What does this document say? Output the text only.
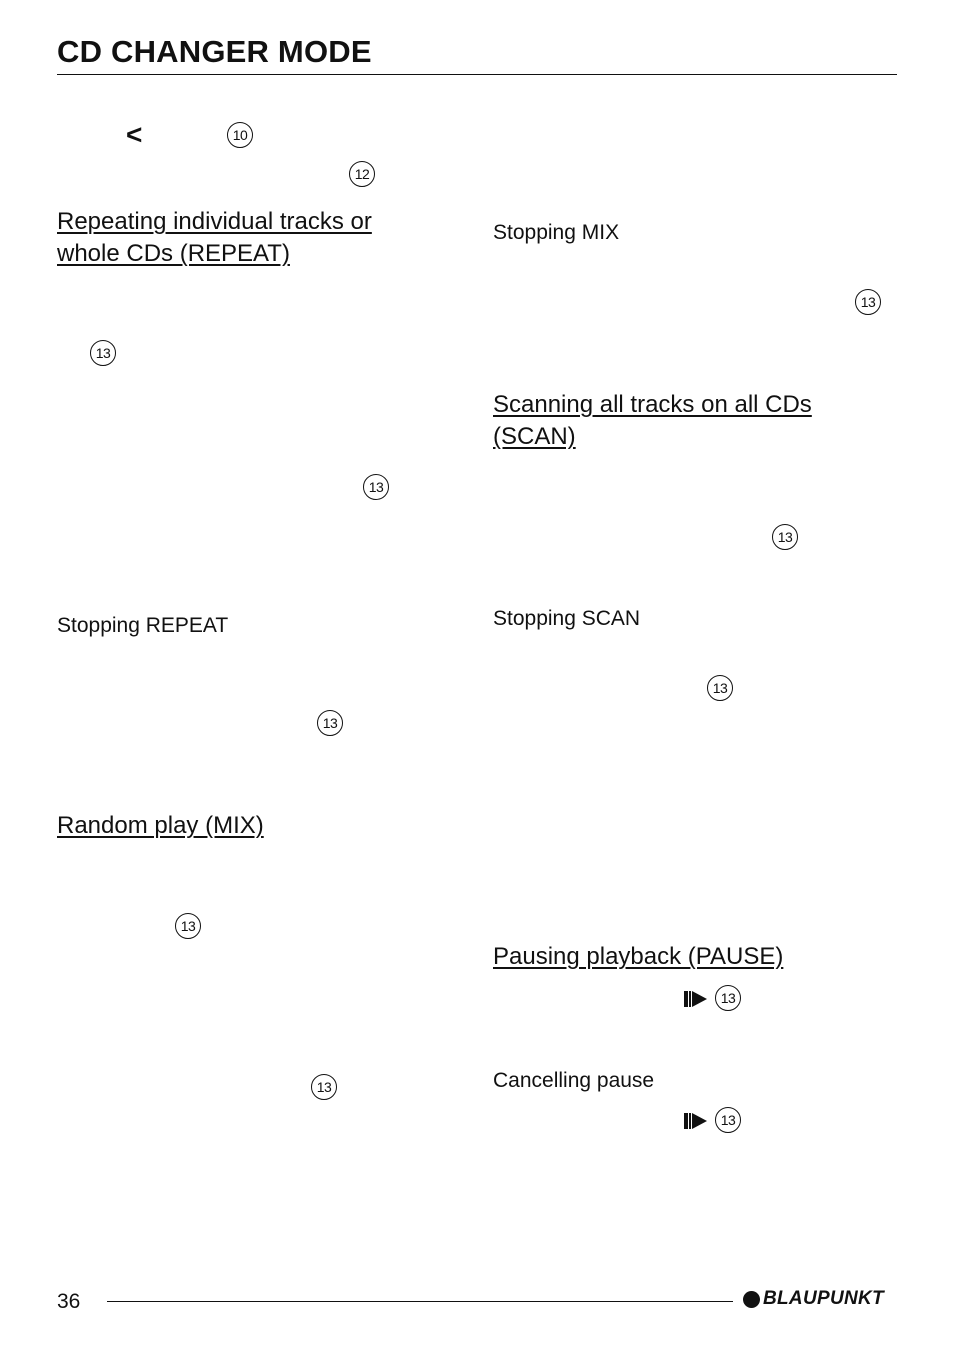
CD CHANGER MODE
<	10
12
Repeating individual tracks or
whole CDs (REPEAT)
13
13
Stopping REPEAT
13
Random play (MIX)
13
13
Stopping MIX
13
Scanning all tracks on all CDs
(SCAN)
13
Stopping SCAN
13
Pausing playback (PAUSE)
13
Cancelling pause
13
36	BLAUPUNKT
